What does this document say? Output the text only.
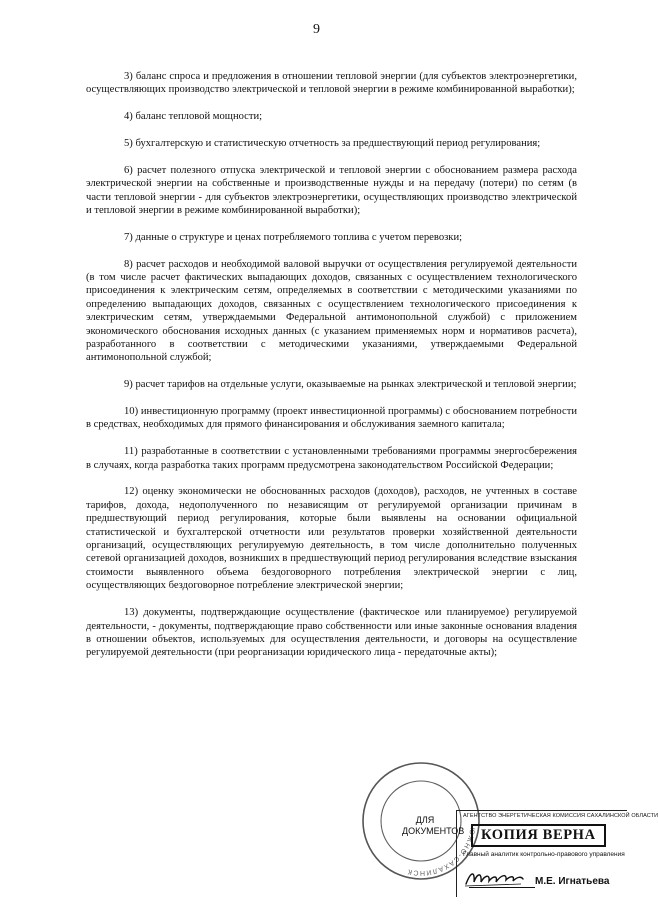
9

3) баланс спроса и предложения в отношении тепловой энергии (для субъектов электроэнергетики, осуществляющих производство электрической и тепловой энергии в режиме комбинированной выработки);

4) баланс тепловой мощности;

5) бухгалтерскую и статистическую отчетность за предшествующий период регулирования;

6) расчет полезного отпуска электрической и тепловой энергии с обоснованием размера расхода электрической энергии на собственные и производственные нужды и на передачу (потери) по сетям (в части тепловой энергии - для субъектов электроэнергетики, осуществляющих производство электрической и тепловой энергии в режиме комбинированной выработки);

7) данные о структуре и ценах потребляемого топлива с учетом перевозки;

8) расчет расходов и необходимой валовой выручки от осуществления регулируемой деятельности (в том числе расчет фактических выпадающих доходов, связанных с осуществлением технологического присоединения к электрическим сетям, определяемых в соответствии с методическими указаниями по определению выпадающих доходов, связанных с осуществлением технологического присоединения к электрическим сетям, утверждаемыми Федеральной антимонопольной службой) с приложением экономического обоснования исходных данных (с указанием применяемых норм и нормативов расчета), разработанного в соответствии с методическими указаниями, утверждаемыми Федеральной антимонопольной службой;

9) расчет тарифов на отдельные услуги, оказываемые на рынках электрической и тепловой энергии;

10) инвестиционную программу (проект инвестиционной программы) с обоснованием потребности в средствах, необходимых для прямого финансирования и обслуживания заемного капитала;

11) разработанные в соответствии с установленными требованиями программы энергосбережения в случаях, когда разработка таких программ предусмотрена законодательством Российской Федерации;

12) оценку экономически не обоснованных расходов (доходов), расходов, не учтенных в составе тарифов, дохода, недополученного по независящим от регулируемой организации причинам в предшествующий период регулирования, которые были выявлены на основании официальной статистической и бухгалтерской отчетности или результатов проверки хозяйственной деятельности организаций, осуществляющих регулируемую деятельность, в том числе дополнительно полученных сетевой организацией доходов, возникших в предшествующий период регулирования вследствие взыскания стоимости выявленного объема бездоговорного потребления электрической энергии с лиц, осуществляющих бездоговорное потребление электрической энергии;

13) документы, подтверждающие осуществление (фактическое или планируемое) регулируемой деятельности, - документы, подтверждающие право собственности или иные законные основания владения в отношении объектов, используемых для осуществления деятельности, и договоры на осуществление регулируемой деятельности (при реорганизации юридического лица - передаточные акты);

ЮЖНО-САХАЛИНСК
ДЛЯ ДОКУМЕНТОВ
АГЕНТСТВО ЭНЕРГЕТИЧЕСКАЯ КОМИССИЯ САХАЛИНСКОЙ ОБЛАСТИ
КОПИЯ ВЕРНА
Главный аналитик контрольно-правового управления
М.Е. Игнатьева
